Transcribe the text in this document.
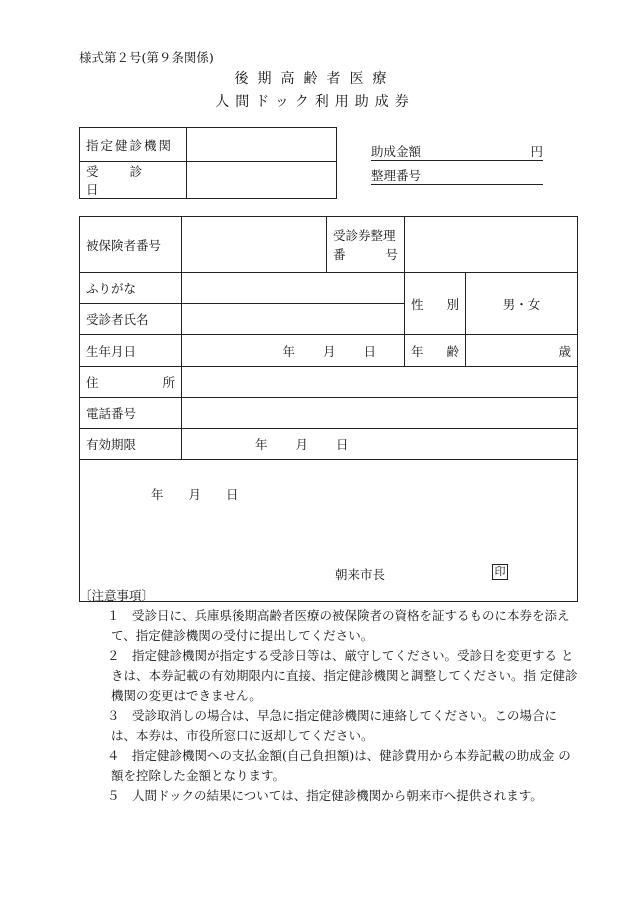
様式第２号(第９条関係)
後期高齢者医療
人間ドック利用助成券
指定健診機関	
受　　診　　日	
助成金額	円
整理番号
被保険者番号		受診券整理
番 号		

ふりがな			性 別	男・女

受診者氏名				

生年月日	年 月 日		年 齢	歳

住 所				

電話番号				

有効期限	年 月 日			

年　　月　　日
朝来市長 印				
〔注意事項〕
１　受診日に、兵庫県後期高齢者医療の被保険者の資格を証するものに本券を添え て、指定健診機関の受付に提出してください。
２　指定健診機関が指定する受診日等は、厳守してください。受診日を変更する ときは、本券記載の有効期限内に直接、指定健診機関と調整してください。指 定健診機関の変更はできません。
３　受診取消しの場合は、早急に指定健診機関に連絡してください。この場合に は、本券は、市役所窓口に返却してください。
４　指定健診機関への支払金額(自己負担額)は、健診費用から本券記載の助成金 の額を控除した金額となります。
５　人間ドックの結果については、指定健診機関から朝来市へ提供されます。
